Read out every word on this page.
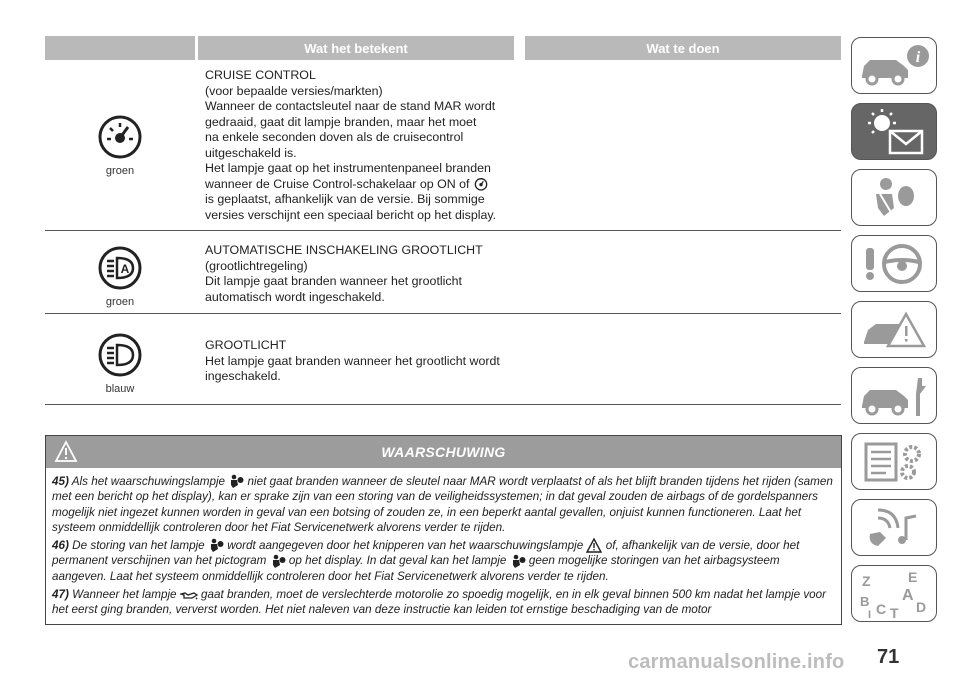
Wat het betekent	Wat te doen
groen

CRUISE CONTROL

(voor bepaalde versies/markten)

Wanneer de contactsleutel naar de stand MAR wordt

gedraaid, gaat dit lampje branden, maar het moet

na enkele seconden doven als de cruisecontrol

uitgeschakeld is.

Het lampje gaat op het instrumentenpaneel branden

wanneer de Cruise Control-schakelaar op ON of

is geplaatst, afhankelijk van de versie. Bij sommige

versies verschijnt een speciaal bericht op het display.

A
groen

AUTOMATISCHE INSCHAKELING GROOTLICHT

(grootlichtregeling)

Dit lampje gaat branden wanneer het grootlicht

automatisch wordt ingeschakeld.

blauw

GROOTLICHT

Het lampje gaat branden wanneer het grootlicht wordt

ingeschakeld.

WAARSCHUWING

45) Als het waarschuwingslampje niet gaat branden wanneer de sleutel naar MAR wordt verplaatst of als het blijft branden tijdens het rijden (samen met een bericht op het display), kan er sprake zijn van een storing van de veiligheidssystemen; in dat geval zouden de airbags of de gordelspanners mogelijk niet ingezet kunnen worden in geval van een botsing of zouden ze, in een beperkt aantal gevallen, onjuist kunnen functioneren. Laat het systeem onmiddellijk controleren door het Fiat Servicenetwerk alvorens verder te rijden.

46) De storing van het lampje wordt aangegeven door het knipperen van het waarschuwingslampje of, afhankelijk van de versie, door het permanent verschijnen van het pictogram op het display. In dat geval kan het lampje geen mogelijke storingen van het airbagsysteem aangeven. Laat het systeem onmiddellijk controleren door het Fiat Servicenetwerk alvorens verder te rijden.

47) Wanneer het lampje gaat branden, moet de verslechterde motorolie zo spoedig mogelijk, en in elk geval binnen 500 km nadat het lampje voor het eerst ging branden, ververst worden. Het niet naleven van deze instructie kan leiden tot ernstige beschadiging van de motor

i
Z	E
A
B C T D
I
carmanualsonline.info 71
